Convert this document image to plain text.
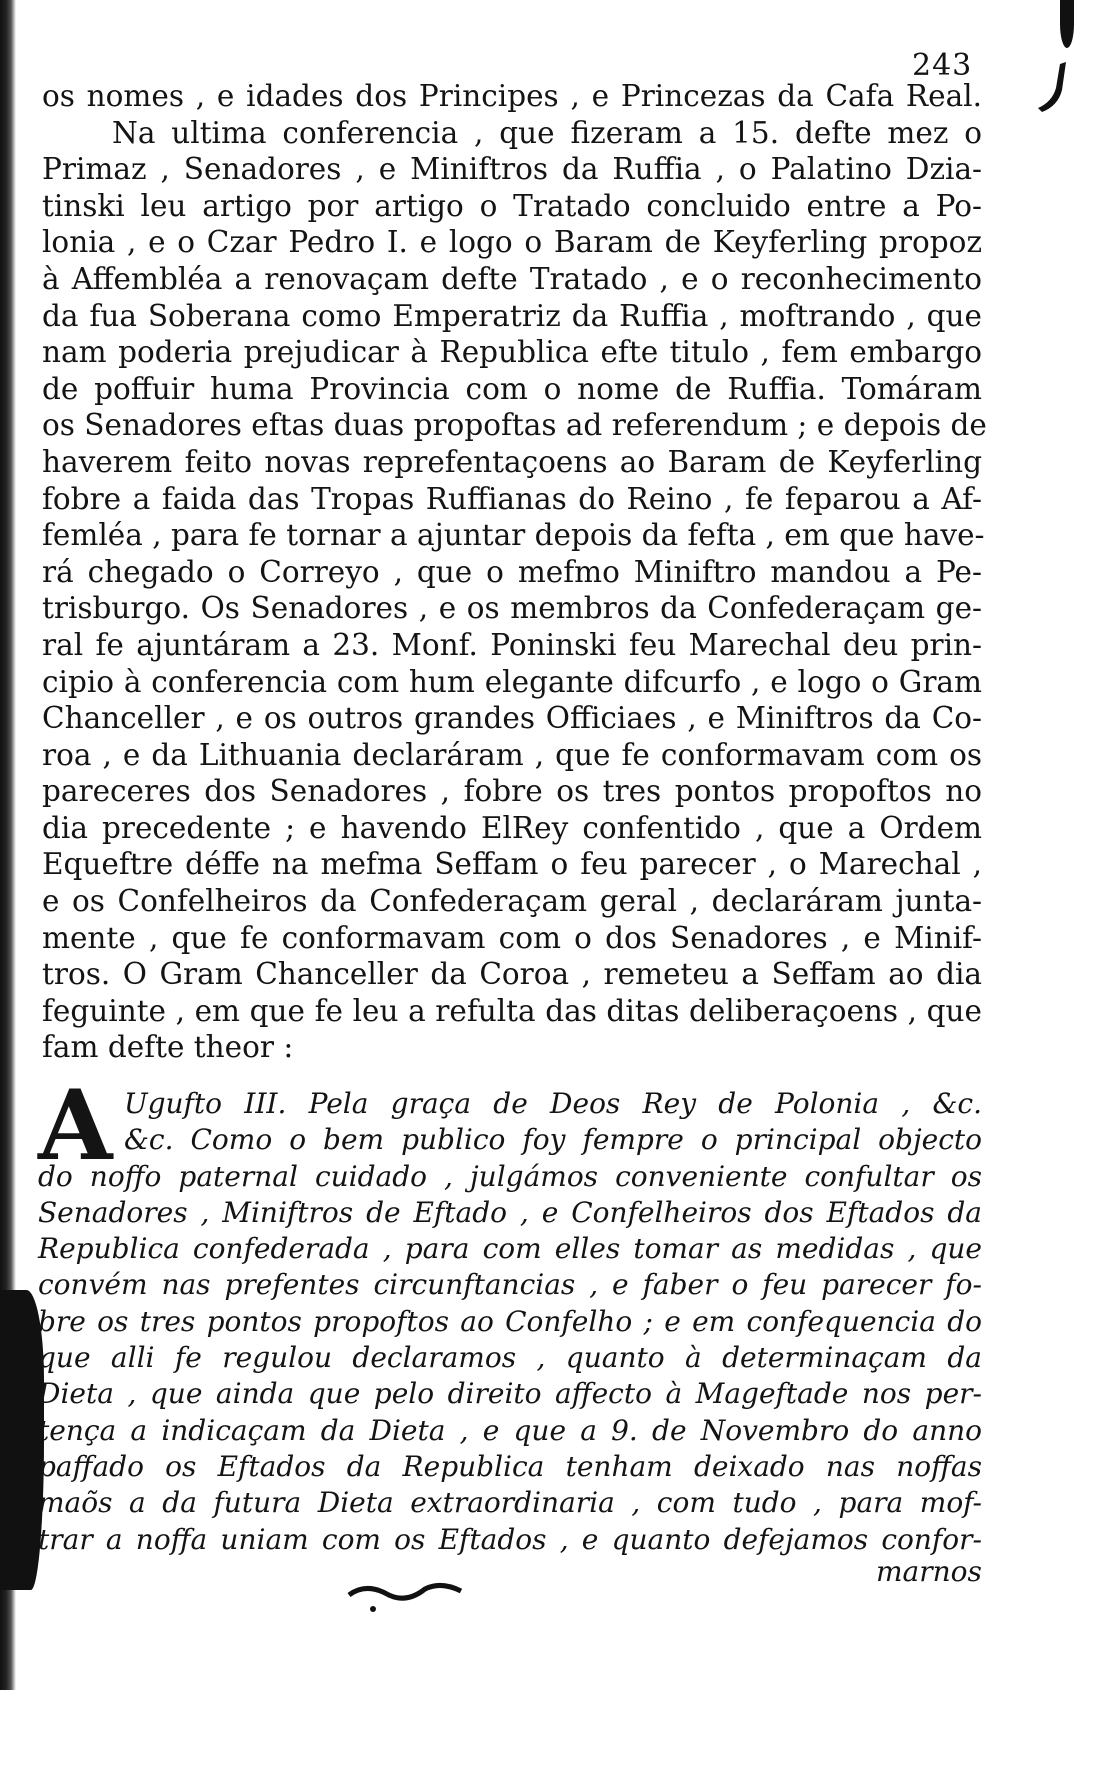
243
os nomes , e idades dos Principes , e Princezas da Cafa Real.
Na ultima conferencia , que fizeram a 15. defte mez o
Primaz , Senadores , e Miniftros da Ruffia , o Palatino Dzia-
tinski leu artigo por artigo o Tratado concluido entre a Po-
lonia , e o Czar Pedro I. e logo o Baram de Keyferling propoz
à Affembléa a renovaçam defte Tratado , e o reconhecimento
da fua Soberana como Emperatriz da Ruffia , moftrando , que
nam poderia prejudicar à Republica efte titulo , fem embargo
de poffuir huma Provincia com o nome de Ruffia. Tomáram
os Senadores eftas duas propoftas ad referendum ; e depois de
haverem feito novas reprefentaçoens ao Baram de Keyferling
fobre a faida das Tropas Ruffianas do Reino , fe feparou a Af-
femléa , para fe tornar a ajuntar depois da fefta , em que have-
rá chegado o Correyo , que o mefmo Miniftro mandou a Pe-
trisburgo. Os Senadores , e os membros da Confederaçam ge-
ral fe ajuntáram a 23. Monf. Poninski feu Marechal deu prin-
cipio à conferencia com hum elegante difcurfo , e logo o Gram
Chanceller , e os outros grandes Officiaes , e Miniftros da Co-
roa , e da Lithuania declaráram , que fe conformavam com os
pareceres dos Senadores , fobre os tres pontos propoftos no
dia precedente ; e havendo ElRey confentido , que a Ordem
Equeftre déffe na mefma Seffam o feu parecer , o Marechal ,
e os Confelheiros da Confederaçam geral , declaráram junta-
mente , que fe conformavam com o dos Senadores , e Minif-
tros. O Gram Chanceller da Coroa , remeteu a Seffam ao dia
feguinte , em que fe leu a refulta das ditas deliberaçoens , que
fam defte theor :
A Ugufto III. Pela graça de Deos Rey de Polonia , &c.
&c. Como o bem publico foy fempre o principal objecto
do noffo paternal cuidado , julgámos conveniente confultar os
Senadores , Miniftros de Eftado , e Confelheiros dos Eftados da
Republica confederada , para com elles tomar as medidas , que
convém nas prefentes circunftancias , e faber o feu parecer fo-
bre os tres pontos propoftos ao Confelho ; e em confequencia do
que alli fe regulou declaramos , quanto à determinaçam da
Dieta , que ainda que pelo direito affecto à Mageftade nos per-
tença a indicaçam da Dieta , e que a 9. de Novembro do anno
paffado os Eftados da Republica tenham deixado nas noffas
maõs a da futura Dieta extraordinaria , com tudo , para mof-
trar a noffa uniam com os Eftados , e quanto defejamos confor-
marnos
